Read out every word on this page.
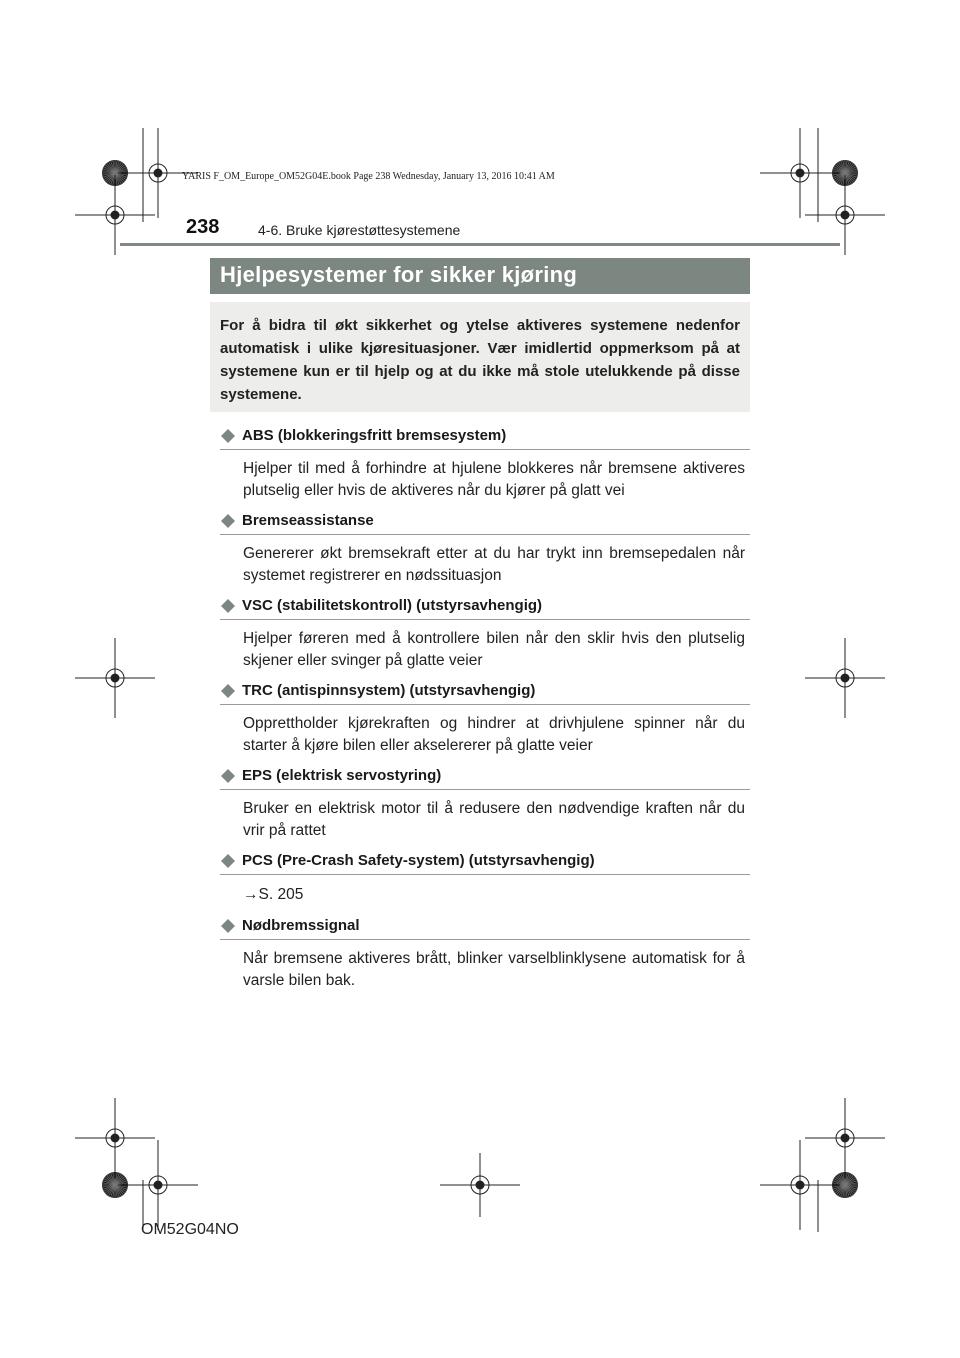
YARIS F_OM_Europe_OM52G04E.book Page 238 Wednesday, January 13, 2016 10:41 AM
238	4-6. Bruke kjørestøttesystemene
Hjelpesystemer for sikker kjøring
For å bidra til økt sikkerhet og ytelse aktiveres systemene nedenfor automatisk i ulike kjøresituasjoner. Vær imidlertid oppmerksom på at systemene kun er til hjelp og at du ikke må stole utelukkende på disse systemene.
ABS (blokkeringsfritt bremsesystem)
Hjelper til med å forhindre at hjulene blokkeres når bremsene aktiveres plutselig eller hvis de aktiveres når du kjører på glatt vei
Bremseassistanse
Genererer økt bremsekraft etter at du har trykt inn bremsepedalen når systemet registrerer en nødssituasjon
VSC (stabilitetskontroll) (utstyrsavhengig)
Hjelper føreren med å kontrollere bilen når den sklir hvis den plutselig skjener eller svinger på glatte veier
TRC (antispinnsystem) (utstyrsavhengig)
Opprettholder kjørekraften og hindrer at drivhjulene spinner når du starter å kjøre bilen eller akselererer på glatte veier
EPS (elektrisk servostyring)
Bruker en elektrisk motor til å redusere den nødvendige kraften når du vrir på rattet
PCS (Pre-Crash Safety-system) (utstyrsavhengig)
→S. 205
Nødbremssignal
Når bremsene aktiveres brått, blinker varselblinklysene automatisk for å varsle bilen bak.
OM52G04NO
